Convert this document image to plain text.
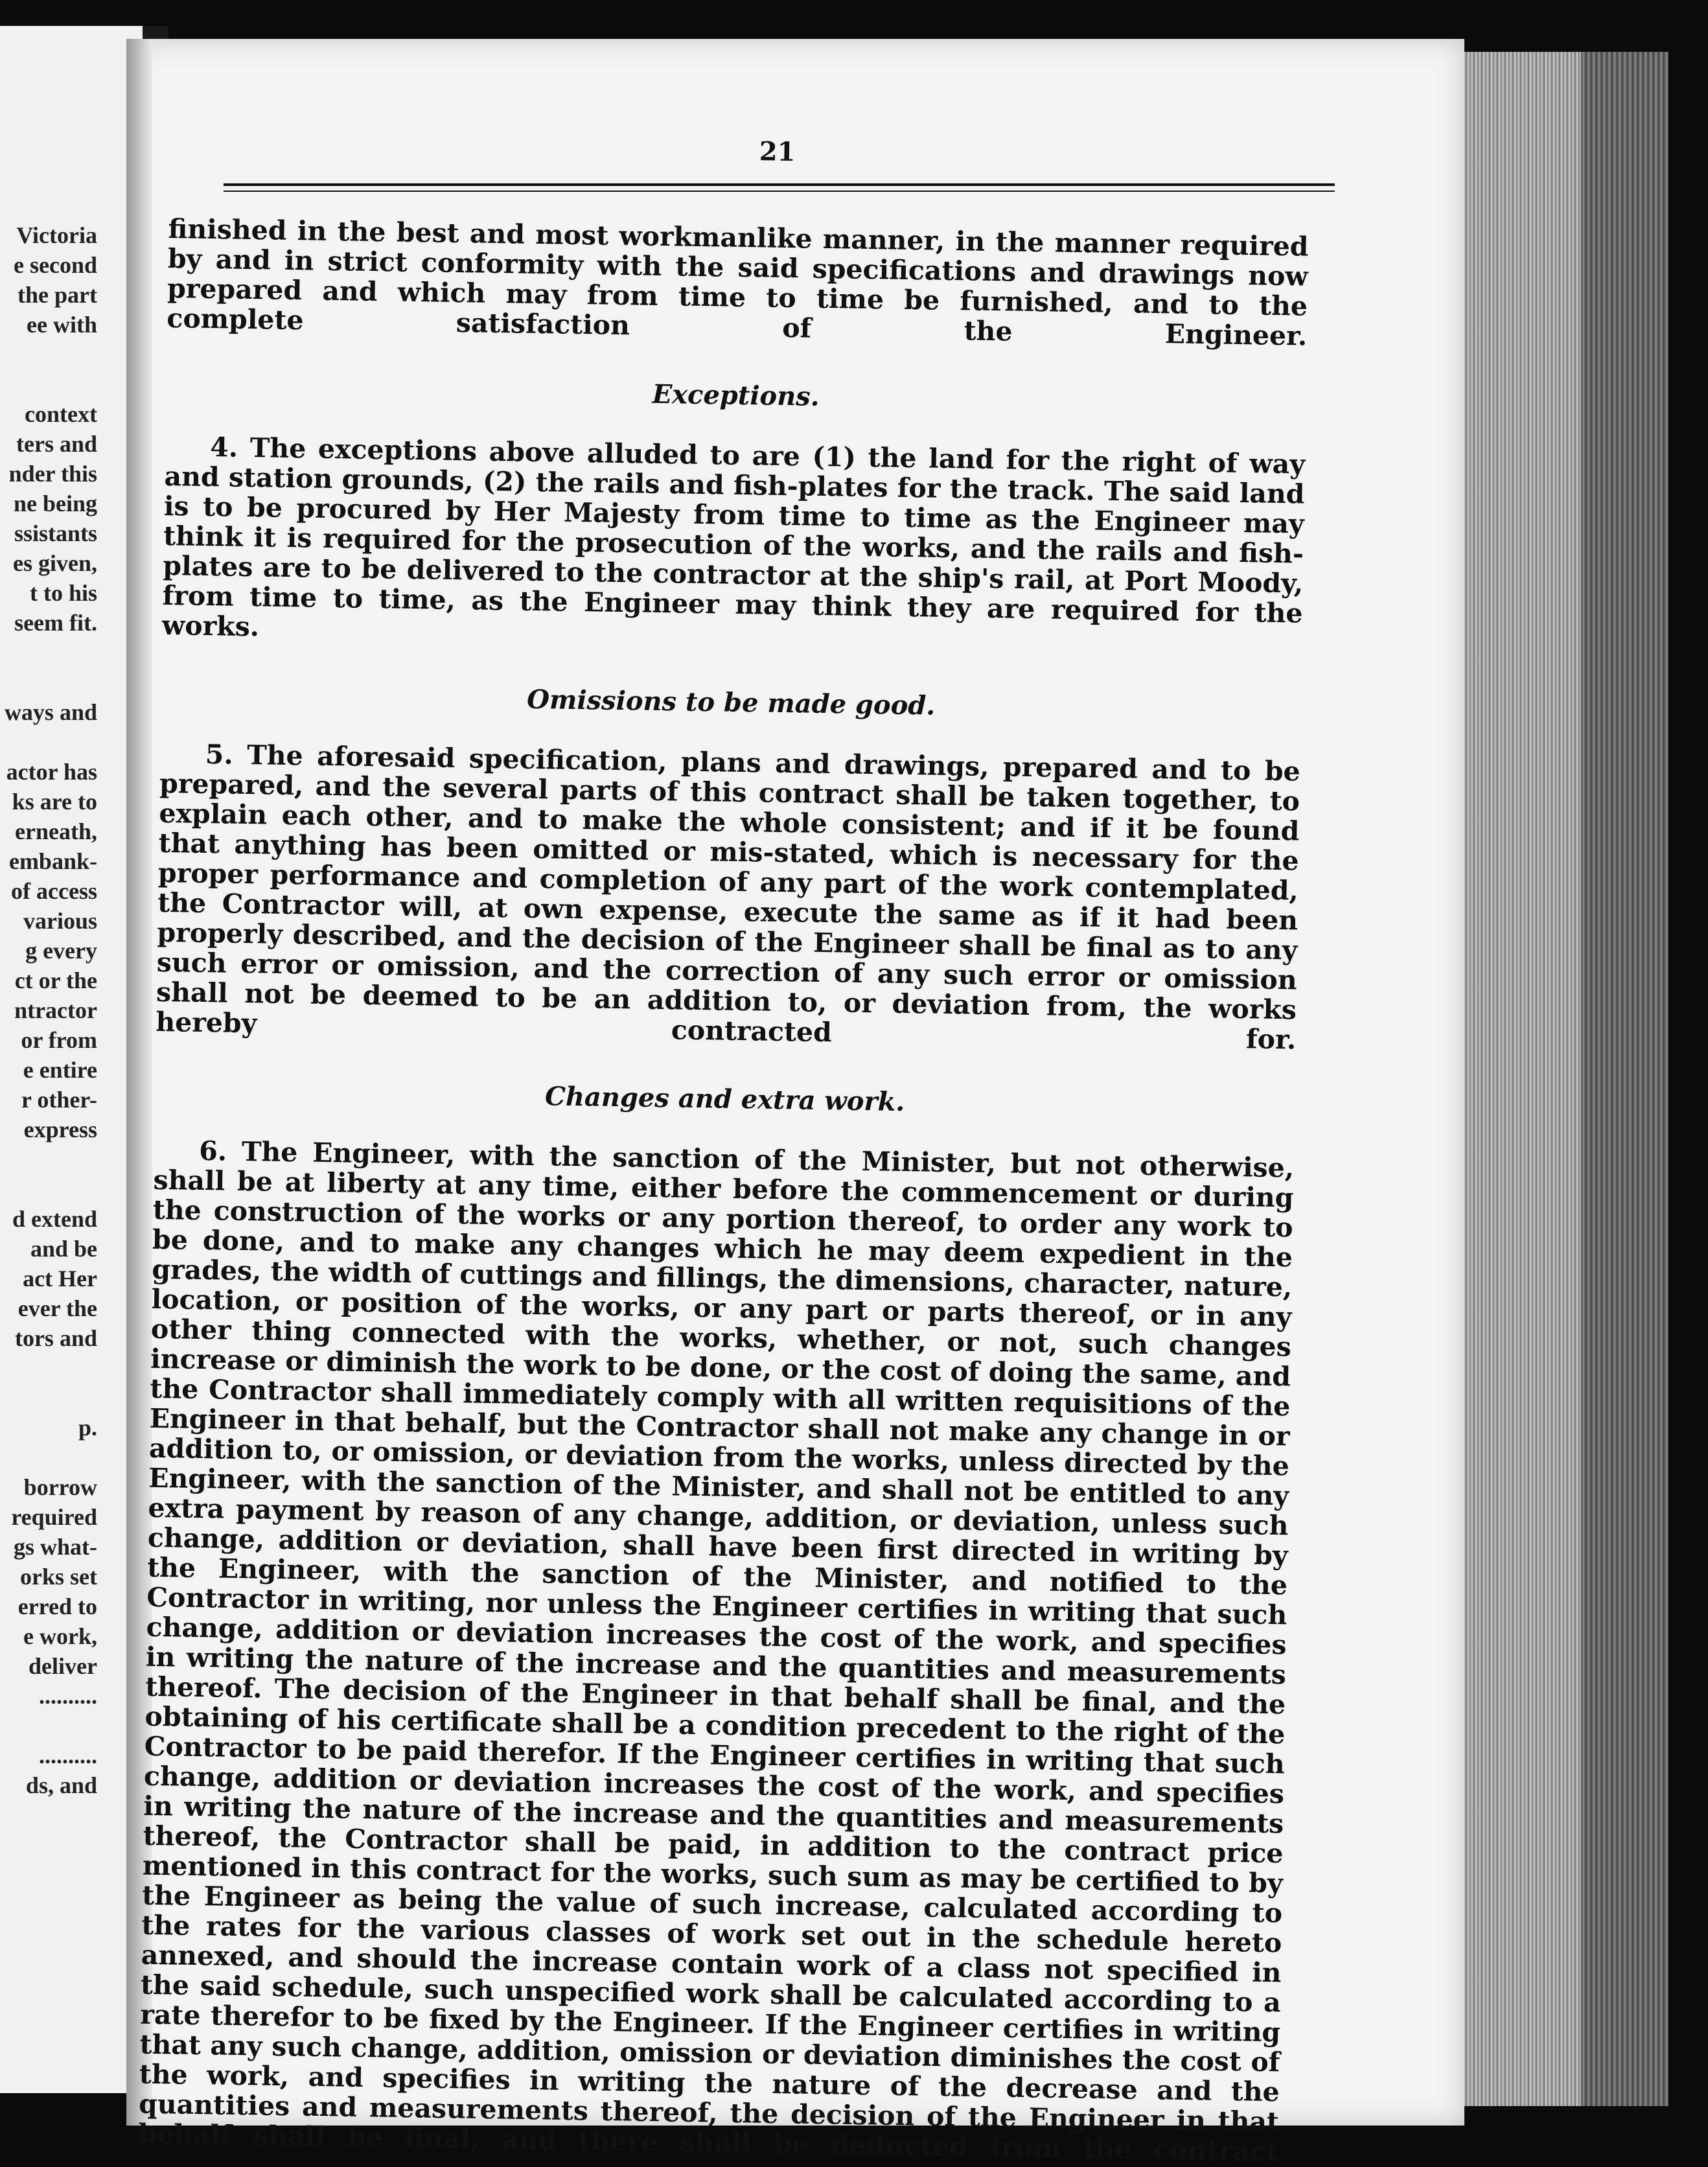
Victoria
e second
the part
ee with
context
ters and
nder this
ne being
ssistants
es given,
t to his
seem fit.
ways and
actor has
ks are to
erneath,
embank-
of access
various
g every
ct or the
ntractor
or from
e entire
r other-
express
d extend
and be
act Her
ever the
tors and
p.
borrow
required
gs what-
orks set
erred to
e work,
deliver
..........
..........
ds, and
21

finished in the best and most workmanlike manner, in the manner required by and in strict conformity with the said specifications and drawings now prepared and which may from time to time be furnished, and to the complete satisfaction of the Engineer.

Exceptions.

4. The exceptions above alluded to are (1) the land for the right of way and station grounds, (2) the rails and fish-plates for the track. The said land is to be procured by Her Majesty from time to time as the Engineer may think it is required for the prosecution of the works, and the rails and fish-plates are to be delivered to the contractor at the ship's rail, at Port Moody, from time to time, as the Engineer may think they are required for the works.

Omissions to be made good.

5. The aforesaid specification, plans and drawings, prepared and to be prepared, and the several parts of this contract shall be taken together, to explain each other, and to make the whole consistent; and if it be found that anything has been omitted or mis-stated, which is necessary for the proper performance and completion of any part of the work contemplated, the Contractor will, at own expense, execute the same as if it had been properly described, and the decision of the Engineer shall be final as to any such error or omission, and the correction of any such error or omission shall not be deemed to be an addition to, or deviation from, the works hereby contracted for.

Changes and extra work.

6. The Engineer, with the sanction of the Minister, but not otherwise, shall be at liberty at any time, either before the commencement or during the construction of the works or any portion thereof, to order any work to be done, and to make any changes which he may deem expedient in the grades, the width of cuttings and fillings, the dimensions, character, nature, location, or position of the works, or any part or parts thereof, or in any other thing connected with the works, whether, or not, such changes increase or diminish the work to be done, or the cost of doing the same, and the Contractor shall immediately comply with all written requisitions of the Engineer in that behalf, but the Contractor shall not make any change in or addition to, or omission, or deviation from the works, unless directed by the Engineer, with the sanction of the Minister, and shall not be entitled to any extra payment by reason of any change, addition, or deviation, unless such change, addition or deviation, shall have been first directed in writing by the Engineer, with the sanction of the Minister, and notified to the Contractor in writing, nor unless the Engineer certifies in writing that such change, addition or deviation increases the cost of the work, and specifies in writing the nature of the increase and the quantities and measurements thereof. The decision of the Engineer in that behalf shall be final, and the obtaining of his certificate shall be a condition precedent to the right of the Contractor to be paid therefor. If the Engineer certifies in writing that such change, addition or deviation increases the cost of the work, and specifies in writing the nature of the increase and the quantities and measurements thereof, the Contractor shall be paid, in addition to the contract price mentioned in this contract for the works, such sum as may be certified to by the Engineer as being the value of such increase, calculated according to the rates for the various classes of work set out in the schedule hereto annexed, and should the increase contain work of a class not specified in the said schedule, such unspecified work shall be calculated according to a rate therefor to be fixed by the Engineer. If the Engineer certifies in writing that any such change, addition, omission or deviation diminishes the cost of the work, and specifies in writing the nature of the decrease and the quantities and measurements thereof, the decision of the Engineer in that behalf shall be final, and there shall be deducted from the contract
